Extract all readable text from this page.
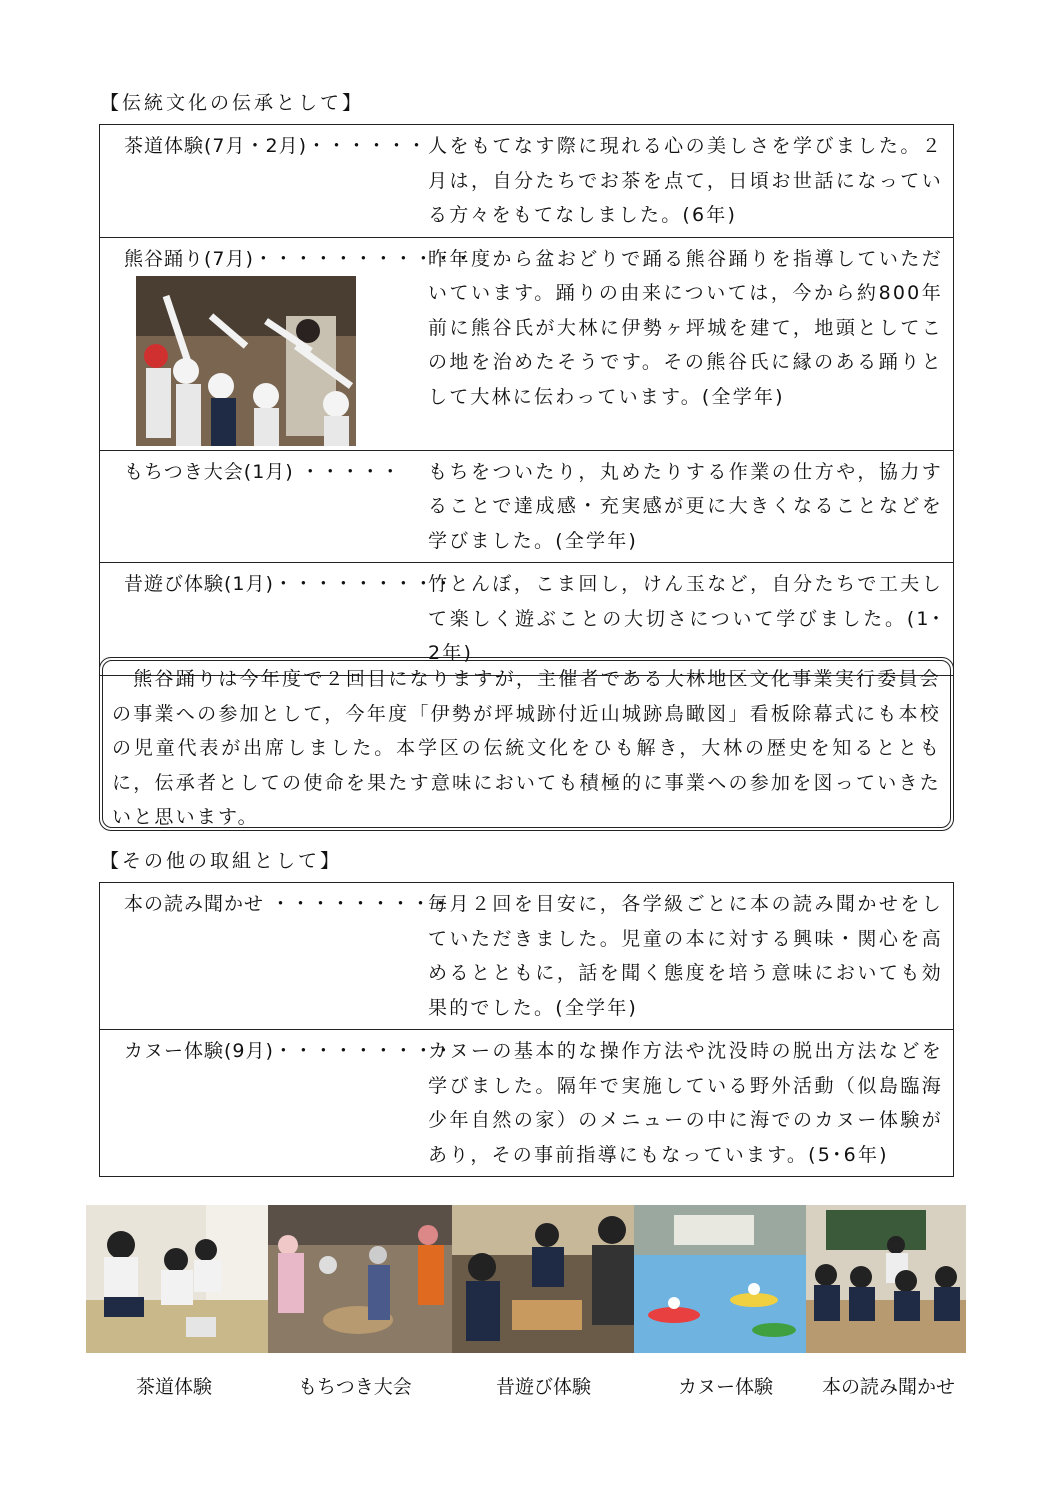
【伝統文化の伝承として】
茶道体験(7月・2月)・・・・・・ 人をもてなす際に現れる心の美しさを学びました。２月は，自分たちでお茶を点て，日頃お世話になっている方々をもてなしました。(6年)

熊谷踊り(7月)・・・・・・・・・・・
昨年度から盆おどりで踊る熊谷踊りを指導していただいています。踊りの由来については，今から約800年前に熊谷氏が大林に伊勢ヶ坪城を建て，地頭としてこの地を治めたそうです。その熊谷氏に縁のある踊りとして大林に伝わっています。(全学年)

もちつき大会(1月) ・・・・・	もちをついたり，丸めたりする作業の仕方や，協力することで達成感・充実感が更に大きくなることなどを学びました。(全学年)

昔遊び体験(1月)・・・・・・・・・
竹とんぼ，こま回し，けん玉など，自分たちで工夫して楽しく遊ぶことの大切さについて学びました。(1･2年)
　熊谷踊りは今年度で２回目になりますが，主催者である大林地区文化事業実行委員会の事業への参加として，今年度「伊勢が坪城跡付近山城跡鳥瞰図」看板除幕式にも本校の児童代表が出席しました。本学区の伝統文化をひも解き，大林の歴史を知るとともに，伝承者としての使命を果たす意味においても積極的に事業への参加を図っていきたいと思います。
【その他の取組として】
本の読み聞かせ ・・・・・・・・・
毎月２回を目安に，各学級ごとに本の読み聞かせをしていただきました。児童の本に対する興味・関心を高めるとともに，話を聞く態度を培う意味においても効果的でした。(全学年)

カヌー体験(9月)・・・・・・・・・
カヌーの基本的な操作方法や沈没時の脱出方法などを学びました。隔年で実施している野外活動（似島臨海少年自然の家）のメニューの中に海でのカヌー体験があり，その事前指導にもなっています。(5･6年)
茶道体験	もちつき大会	昔遊び体験	カヌー体験	本の読み聞かせ
